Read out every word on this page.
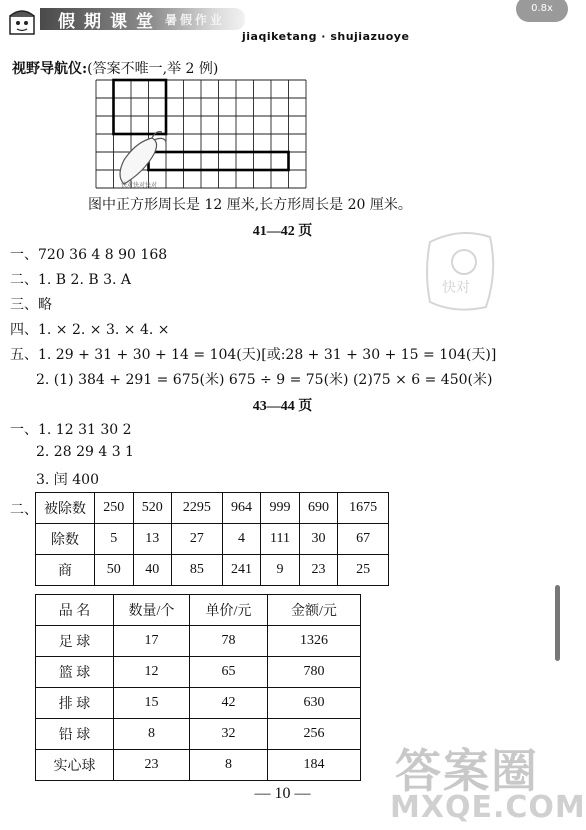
假期课堂 暑假作业
jiaqiketang · shujiazuoye
0.8x
视野导航仪:(答案不唯一,举 2 例)
快对快对快对
图中正方形周长是 12 厘米,长方形周长是 20 厘米。
快对
41—42 页
一、720 36 4 8 90 168
二、1. B 2. B 3. A
三、略
四、1. × 2. × 3. × 4. ×
五、1. 29 + 31 + 30 + 14 = 104(天)[或:28 + 31 + 30 + 15 = 104(天)]
2. (1) 384 + 291 = 675(米) 675 ÷ 9 = 75(米) (2)75 × 6 = 450(米)
43—44 页
一、1. 12 31 30 2
2. 28 29 4 3 1
3. 闰 400
二、 被除数	250	520	2295	964	999	690	1675
除数	5	13	27	4	111	30	67
商	50	40	85	241	9	23	25
品 名	数量/个	单价/元	金额/元
足 球	17	78	1326
篮 球	12	65	780
排 球	15	42	630
铅 球	8	32	256
实心球	23	8	184 答案圈
MXQE.COM
— 10 —
